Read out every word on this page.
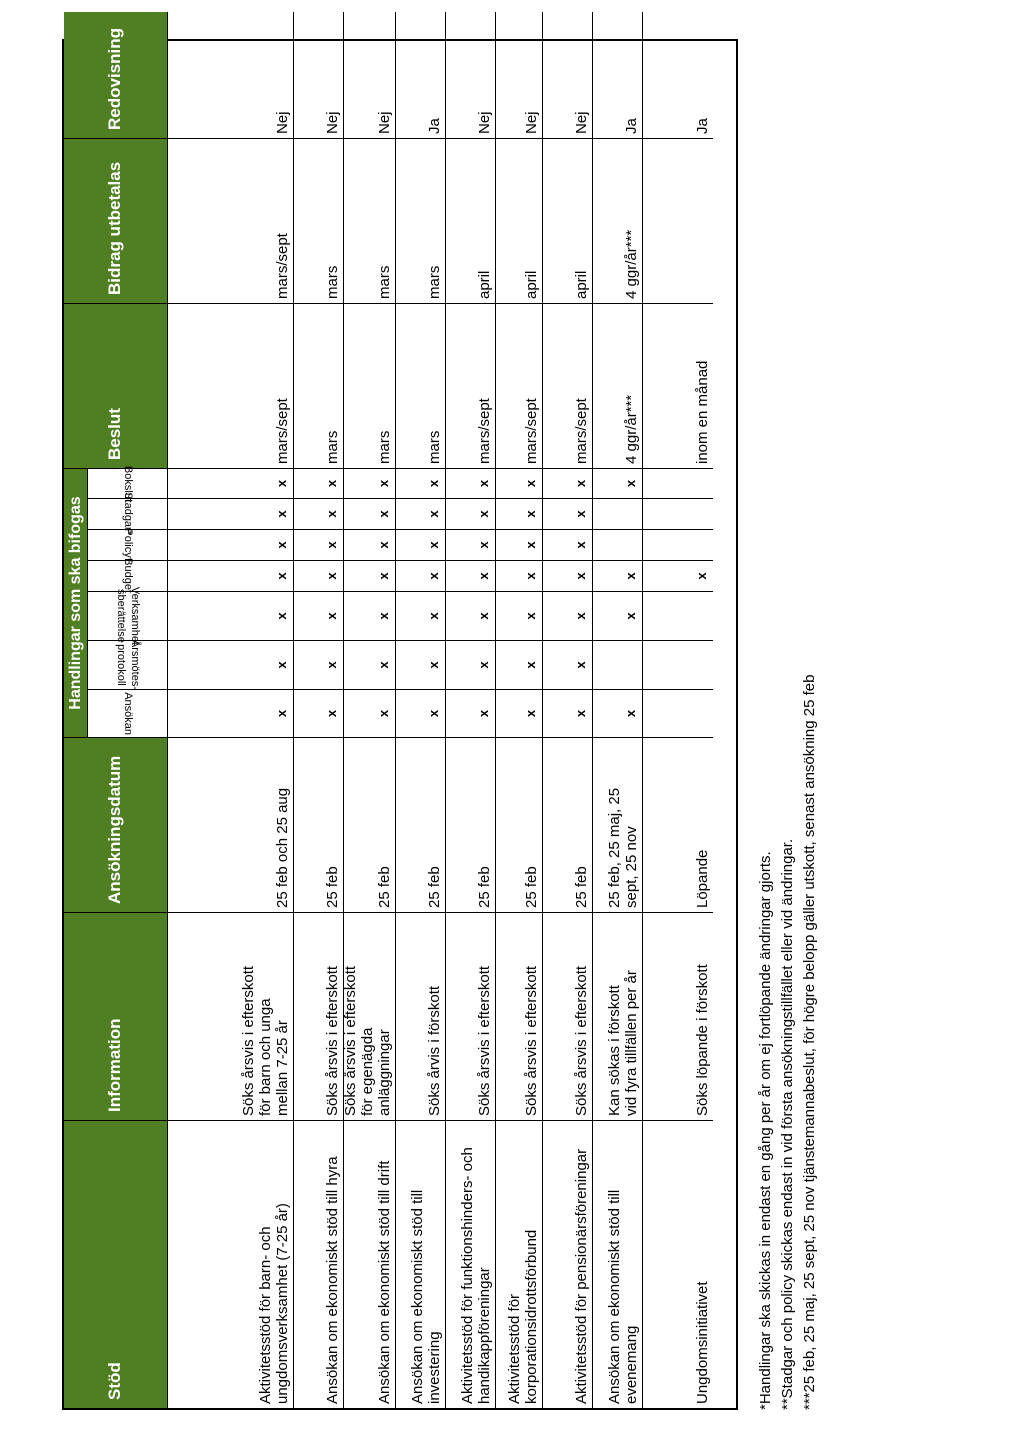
Stöd
Information
Ansökningsdatum
Handlingar som ska bifogas
Beslut
Bidrag utbetalas
Redovisning
Ansökan
Årsmötes-
protokoll
Verksamhet
sberättelse
Budget
Policy*
Stadgar*
Bokslut
Aktivitetsstöd för barn- och ungdomsverksamhet (7-25 år)
Söks årsvis i efterskott för barn och unga mellan 7-25 år
25 feb och 25 aug
x
x
x
x
x
x
x
mars/sept
mars/sept
Nej
Ansökan om ekonomiskt stöd till hyra
Söks årsvis i efterskott
25 feb
x
x
x
x
x
x
x
mars
mars
Nej
Ansökan om ekonomiskt stöd till drift
Söks årsvis i efterskott för egenägda anläggningar
25 feb
x
x
x
x
x
x
x
mars
mars
Nej
Ansökan om ekonomiskt stöd till investering
Söks årvis i förskott
25 feb
x
x
x
x
x
x
x
mars
mars
Ja
Aktivitetsstöd för funktionshinders- och handikappföreningar
Söks årsvis i efterskott
25 feb
x
x
x
x
x
x
x
mars/sept
april
Nej
Aktivitetsstöd för korporationsidrottsförbund
Söks årsvis i efterskott
25 feb
x
x
x
x
x
x
x
mars/sept
april
Nej
Aktivitetsstöd för pensionärsföreningar
Söks årsvis i efterskott
25 feb
x
x
x
x
x
x
x
mars/sept
april
Nej
Ansökan om ekonomiskt stöd till evenemang
Kan sökas i förskott vid fyra tillfällen per år
25 feb, 25 maj, 25 sept, 25 nov
x
x
x
x
4 ggr/år***
4 ggr/år***
Ja
Ungdomsinitiativet
Söks löpande i förskott
Löpande
x
inom en månad
Ja
*Handlingar ska skickas in endast en gång per år om ej fortlöpande ändringar gjorts. **Stadgar och policy skickas endast in vid första ansökningstillfället eller vid ändringar. ***25 feb, 25 maj, 25 sept, 25 nov tjänstemannabeslut, för högre belopp gäller utskott, senast ansökning 25 feb
